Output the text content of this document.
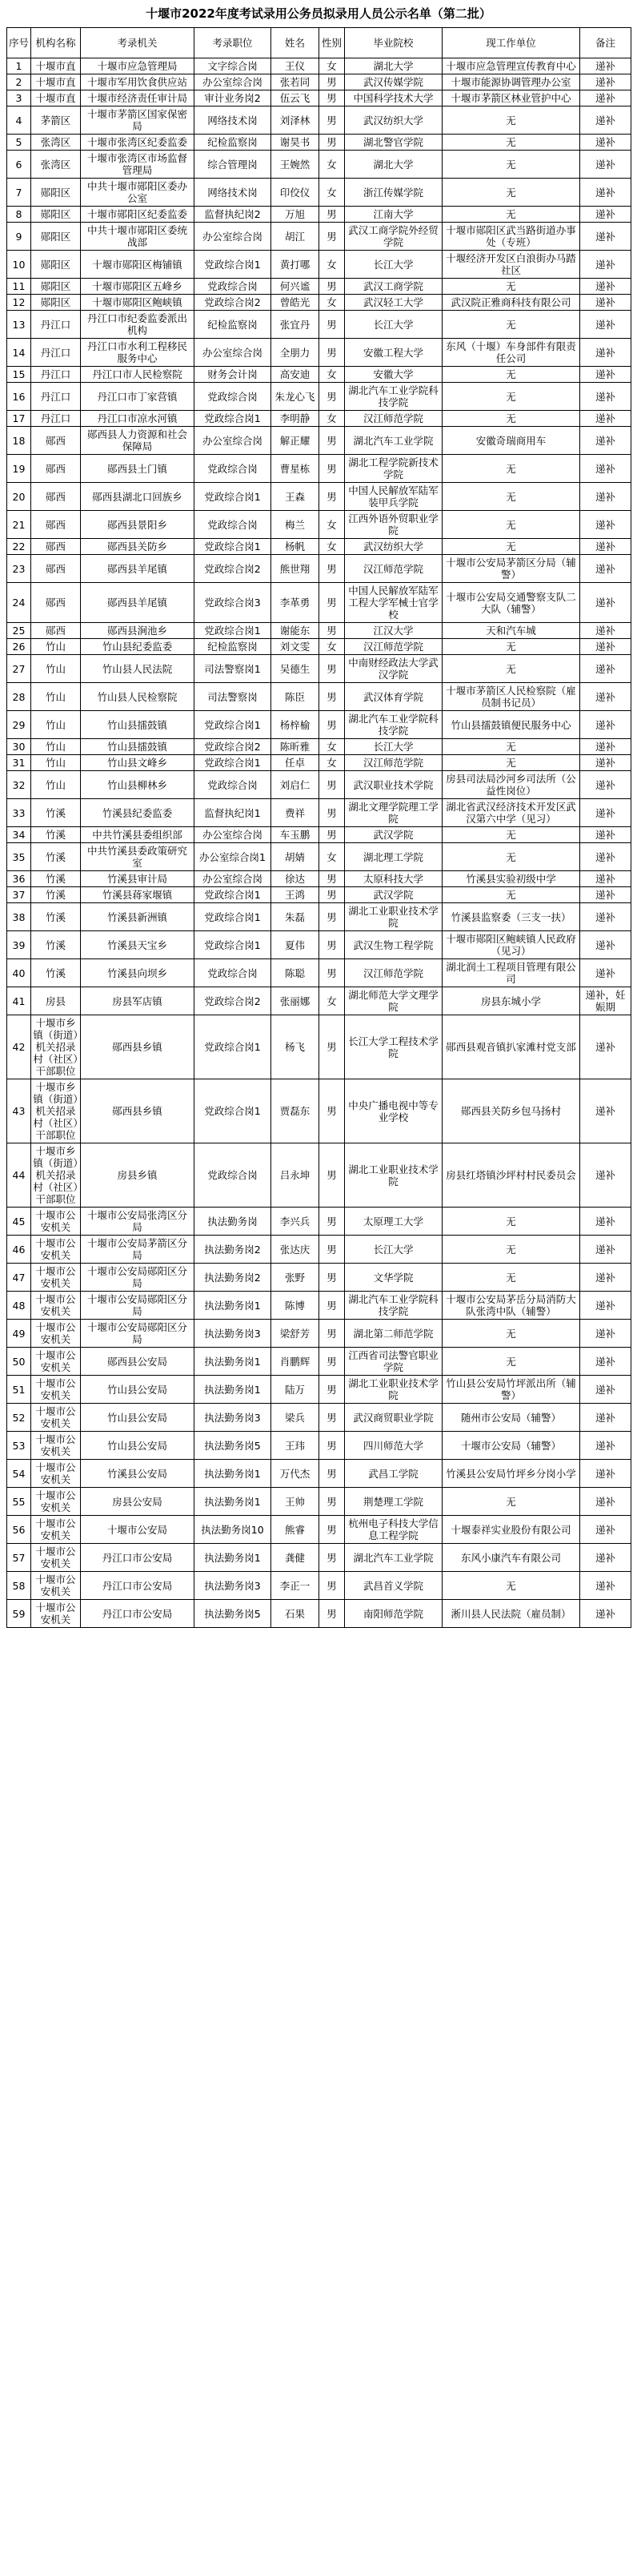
十堰市2022年度考试录用公务员拟录用人员公示名单（第二批）
序号	机构名称	考录机关	考录职位	姓名	性别	毕业院校	现工作单位	备注
1	十堰市直	十堰市应急管理局	文字综合岗	王仪	女	湖北大学	十堰市应急管理宣传教育中心	递补
2	十堰市直	十堰市军用饮食供应站	办公室综合岗	张若同	男	武汉传媒学院	十堰市能源协调管理办公室	递补
3	十堰市直	十堰市经济责任审计局	审计业务岗2	伍云飞	男	中国科学技术大学	十堰市茅箭区林业管护中心	递补
4	茅箭区	十堰市茅箭区国家保密局	网络技术岗	刘泽林	男	武汉纺织大学	无	递补
5	张湾区	十堰市张湾区纪委监委	纪检监察岗	谢昊书	男	湖北警官学院	无	递补
6	张湾区	十堰市张湾区市场监督管理局	综合管理岗	王婉然	女	湖北大学	无	递补
7	郧阳区	中共十堰市郧阳区委办公室	网络技术岗	印佼仪	女	浙江传媒学院	无	递补
8	郧阳区	十堰市郧阳区纪委监委	监督执纪岗2	万旭	男	江南大学	无	递补
9	郧阳区	中共十堰市郧阳区委统战部	办公室综合岗	胡江	男	武汉工商学院外经贸学院	十堰市郧阳区武当路街道办事处（专班）	递补
10	郧阳区	十堰市郧阳区梅铺镇	党政综合岗1	黄打哪	女	长江大学	十堰经济开发区白浪街办马踏社区	递补
11	郧阳区	十堰市郧阳区五峰乡	党政综合岗	何兴谧	男	武汉工商学院	无	递补
12	郧阳区	十堰市郧阳区鲍峡镇	党政综合岗2	曾皓光	女	武汉轻工大学	武汉院正雅商科技有限公司	递补
13	丹江口	丹江口市纪委监委派出机构	纪检监察岗	张宜丹	男	长江大学	无	递补
14	丹江口	丹江口市水利工程移民服务中心	办公室综合岗	全朋力	男	安徽工程大学	东风（十堰）车身部件有限责任公司	递补
15	丹江口	丹江口市人民检察院	财务会计岗	高安迪	女	安徽大学	无	递补
16	丹江口	丹江口市丁家营镇	党政综合岗	朱龙心飞	男	湖北汽车工业学院科技学院	无	递补
17	丹江口	丹江口市凉水河镇	党政综合岗1	李明静	女	汉江师范学院	无	递补
18	郧西	郧西县人力资源和社会保障局	办公室综合岗	解正耀	男	湖北汽车工业学院	安徽奇瑞商用车	递补
19	郧西	郧西县土门镇	党政综合岗	曹星栋	男	湖北工程学院新技术学院	无	递补
20	郧西	郧西县湖北口回族乡	党政综合岗1	王森	男	中国人民解放军陆军装甲兵学院	无	递补
21	郧西	郧西县景阳乡	党政综合岗	梅兰	女	江西外语外贸职业学院	无	递补
22	郧西	郧西县关防乡	党政综合岗1	杨帆	女	武汉纺织大学	无	递补
23	郧西	郧西县羊尾镇	党政综合岗2	熊世翔	男	汉江师范学院	十堰市公安局茅箭区分局（辅警）	递补
24	郧西	郧西县羊尾镇	党政综合岗3	李革勇	男	中国人民解放军陆军工程大学军械士官学校	十堰市公安局交通警察支队二大队（辅警）	递补
25	郧西	郧西县涧池乡	党政综合岗1	谢能东	男	江汉大学	天和汽车城	递补
26	竹山	竹山县纪委监委	纪检监察岗	刘文雯	女	汉江师范学院	无	递补
27	竹山	竹山县人民法院	司法警察岗1	吴德生	男	中南财经政法大学武汉学院	无	递补
28	竹山	竹山县人民检察院	司法警察岗	陈臣	男	武汉体育学院	十堰市茅箭区人民检察院（雇员制书记员）	递补
29	竹山	竹山县擂鼓镇	党政综合岗1	杨梓榆	男	湖北汽车工业学院科技学院	竹山县擂鼓镇便民服务中心	递补
30	竹山	竹山县擂鼓镇	党政综合岗2	陈昕雅	女	长江大学	无	递补
31	竹山	竹山县文峰乡	党政综合岗1	任卓	女	汉江师范学院	无	递补
32	竹山	竹山县柳林乡	党政综合岗	刘启仁	男	武汉职业技术学院	房县司法局沙河乡司法所（公益性岗位）	递补
33	竹溪	竹溪县纪委监委	监督执纪岗1	费祥	男	湖北文理学院理工学院	湖北省武汉经济技术开发区武汉第六中学（见习）	递补
34	竹溪	中共竹溪县委组织部	办公室综合岗	车玉鹏	男	武汉学院	无	递补
35	竹溪	中共竹溪县委政策研究室	办公室综合岗1	胡婧	女	湖北理工学院	无	递补
36	竹溪	竹溪县审计局	办公室综合岗	徐达	男	太原科技大学	竹溪县实验初级中学	递补
37	竹溪	竹溪县蒋家堰镇	党政综合岗1	王鸿	男	武汉学院	无	递补
38	竹溪	竹溪县新洲镇	党政综合岗1	朱磊	男	湖北工业职业技术学院	竹溪县监察委（三支一扶）	递补
39	竹溪	竹溪县天宝乡	党政综合岗1	夏伟	男	武汉生物工程学院	十堰市郧阳区鲍峡镇人民政府（见习）	递补
40	竹溪	竹溪县向坝乡	党政综合岗	陈聪	男	汉江师范学院	湖北润土工程项目管理有限公司	递补
41	房县	房县军店镇	党政综合岗2	张丽娜	女	湖北师范大学文理学院	房县东城小学	递补，妊娠期
42	十堰市乡镇（街道）机关招录村（社区）干部职位	郧西县乡镇	党政综合岗1	杨飞	男	长江大学工程技术学院	郧西县观音镇扒家滩村党支部	递补
43	十堰市乡镇（街道）机关招录村（社区）干部职位	郧西县乡镇	党政综合岗1	贾磊东	男	中央广播电视中等专业学校	郧西县关防乡包马扬村	递补
44	十堰市乡镇（街道）机关招录村（社区）干部职位	房县乡镇	党政综合岗	吕永坤	男	湖北工业职业技术学院	房县红塔镇沙坪村村民委员会	递补
45	十堰市公安机关	十堰市公安局张湾区分局	执法勤务岗	李兴兵	男	太原理工大学	无	递补
46	十堰市公安机关	十堰市公安局茅箭区分局	执法勤务岗2	张达庆	男	长江大学	无	递补
47	十堰市公安机关	十堰市公安局郧阳区分局	执法勤务岗2	张野	男	文华学院	无	递补
48	十堰市公安机关	十堰市公安局郧阳区分局	执法勤务岗1	陈博	男	湖北汽车工业学院科技学院	十堰市公安局茅岳分局消防大队张湾中队（辅警）	递补
49	十堰市公安机关	十堰市公安局郧阳区分局	执法勤务岗3	梁舒芳	男	湖北第二师范学院	无	递补
50	十堰市公安机关	郧西县公安局	执法勤务岗1	肖鹏辉	男	江西省司法警官职业学院	无	递补
51	十堰市公安机关	竹山县公安局	执法勤务岗1	陆万	男	湖北工业职业技术学院	竹山县公安局竹坪派出所（辅警）	递补
52	十堰市公安机关	竹山县公安局	执法勤务岗3	梁兵	男	武汉商贸职业学院	随州市公安局（辅警）	递补
53	十堰市公安机关	竹山县公安局	执法勤务岗5	王玮	男	四川师范大学	十堰市公安局（辅警）	递补
54	十堰市公安机关	竹溪县公安局	执法勤务岗1	万代杰	男	武昌工学院	竹溪县公安局竹坪乡分岗小学	递补
55	十堰市公安机关	房县公安局	执法勤务岗1	王帅	男	荆楚理工学院	无	递补
56	十堰市公安机关	十堰市公安局	执法勤务岗10	熊睿	男	杭州电子科技大学信息工程学院	十堰泰祥实业股份有限公司	递补
57	十堰市公安机关	丹江口市公安局	执法勤务岗1	龚健	男	湖北汽车工业学院	东风小康汽车有限公司	递补
58	十堰市公安机关	丹江口市公安局	执法勤务岗3	李正一	男	武昌首义学院	无	递补
59	十堰市公安机关	丹江口市公安局	执法勤务岗5	石果	男	南阳师范学院	淅川县人民法院（雇员制）	递补
